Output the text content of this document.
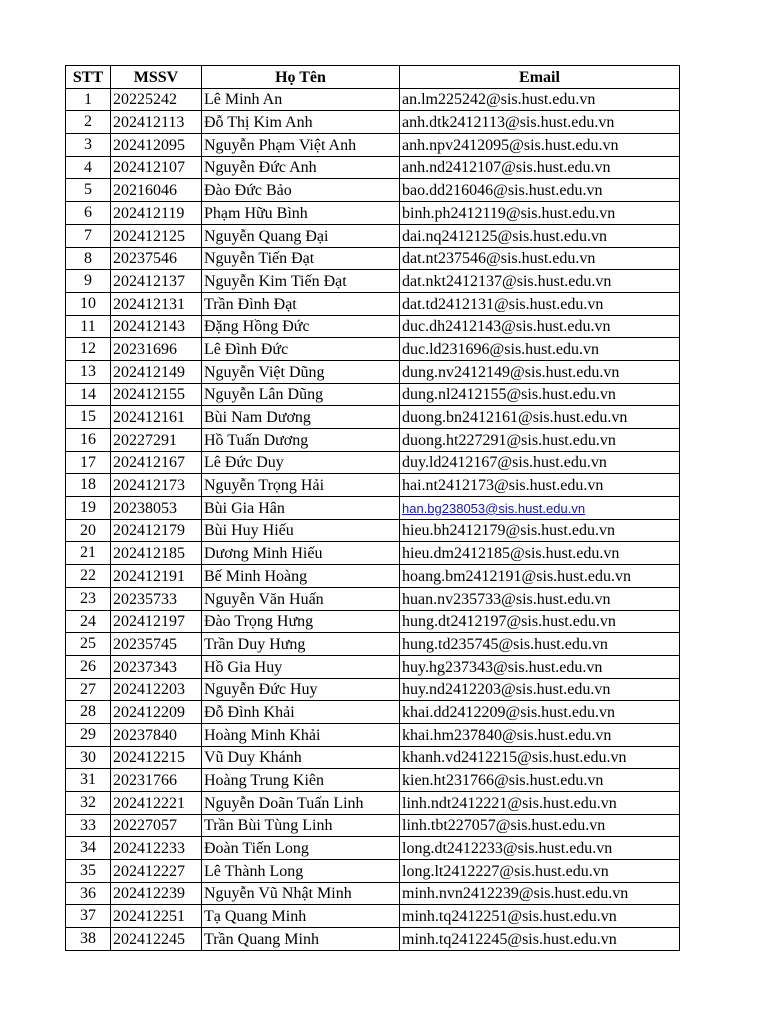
STT	MSSV	Họ Tên	Email
1	20225242	Lê Minh An	an.lm225242@sis.hust.edu.vn
2	202412113	Đỗ Thị Kim Anh	anh.dtk2412113@sis.hust.edu.vn
3	202412095	Nguyễn Phạm Việt Anh	anh.npv2412095@sis.hust.edu.vn
4	202412107	Nguyễn Đức Anh	anh.nd2412107@sis.hust.edu.vn
5	20216046	Đào Đức Bảo	bao.dd216046@sis.hust.edu.vn
6	202412119	Phạm Hữu Bình	binh.ph2412119@sis.hust.edu.vn
7	202412125	Nguyễn Quang Đại	dai.nq2412125@sis.hust.edu.vn
8	20237546	Nguyễn Tiến Đạt	dat.nt237546@sis.hust.edu.vn
9	202412137	Nguyễn Kim Tiến Đạt	dat.nkt2412137@sis.hust.edu.vn
10	202412131	Trần Đình Đạt	dat.td2412131@sis.hust.edu.vn
11	202412143	Đặng Hồng Đức	duc.dh2412143@sis.hust.edu.vn
12	20231696	Lê Đình Đức	duc.ld231696@sis.hust.edu.vn
13	202412149	Nguyễn Việt Dũng	dung.nv2412149@sis.hust.edu.vn
14	202412155	Nguyễn Lân Dũng	dung.nl2412155@sis.hust.edu.vn
15	202412161	Bùi Nam Dương	duong.bn2412161@sis.hust.edu.vn
16	20227291	Hồ Tuấn Dương	duong.ht227291@sis.hust.edu.vn
17	202412167	Lê Đức Duy	duy.ld2412167@sis.hust.edu.vn
18	202412173	Nguyễn Trọng Hải	hai.nt2412173@sis.hust.edu.vn
19	20238053	Bùi Gia Hân	han.bg238053@sis.hust.edu.vn
20	202412179	Bùi Huy Hiếu	hieu.bh2412179@sis.hust.edu.vn
21	202412185	Dương Minh Hiếu	hieu.dm2412185@sis.hust.edu.vn
22	202412191	Bế Minh Hoàng	hoang.bm2412191@sis.hust.edu.vn
23	20235733	Nguyễn Văn Huấn	huan.nv235733@sis.hust.edu.vn
24	202412197	Đào Trọng Hưng	hung.dt2412197@sis.hust.edu.vn
25	20235745	Trần Duy Hưng	hung.td235745@sis.hust.edu.vn
26	20237343	Hồ Gia Huy	huy.hg237343@sis.hust.edu.vn
27	202412203	Nguyễn Đức Huy	huy.nd2412203@sis.hust.edu.vn
28	202412209	Đỗ Đình Khải	khai.dd2412209@sis.hust.edu.vn
29	20237840	Hoàng Minh Khải	khai.hm237840@sis.hust.edu.vn
30	202412215	Vũ Duy Khánh	khanh.vd2412215@sis.hust.edu.vn
31	20231766	Hoàng Trung Kiên	kien.ht231766@sis.hust.edu.vn
32	202412221	Nguyễn Doãn Tuấn Linh	linh.ndt2412221@sis.hust.edu.vn
33	20227057	Trần Bùi Tùng Linh	linh.tbt227057@sis.hust.edu.vn
34	202412233	Đoàn Tiến Long	long.dt2412233@sis.hust.edu.vn
35	202412227	Lê Thành Long	long.lt2412227@sis.hust.edu.vn
36	202412239	Nguyễn Vũ Nhật Minh	minh.nvn2412239@sis.hust.edu.vn
37	202412251	Tạ Quang Minh	minh.tq2412251@sis.hust.edu.vn
38	202412245	Trần Quang Minh	minh.tq2412245@sis.hust.edu.vn
